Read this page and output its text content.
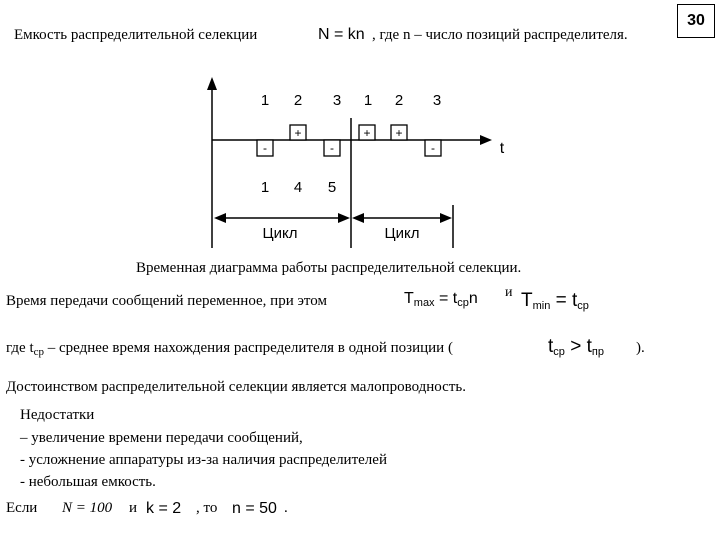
30
Емкость распределительной селекции	N = kn , где n – число позиций распределителя.
1 2 3 1 2 3
+	+ +
-	-	-	t
1 4 5
Цикл	Цикл
Временная диаграмма работы распределительной селекции.
Время передачи сообщений переменное, при этом	$T_{max} = t_{cp}n$ и $T_{min} = t_{cp}$
где $t_{cp}$ – среднее время нахождения распределителя в одной позиции (	$t_{cp} > t_{пр}$ ).
Достоинством распределительной селекции является малопроводность.
Недостатки
– увеличение времени передачи сообщений,
- усложнение аппаратуры из-за наличия распределителей
- небольшая емкость.
Если N = 100 и k = 2 , то n = 50 .
